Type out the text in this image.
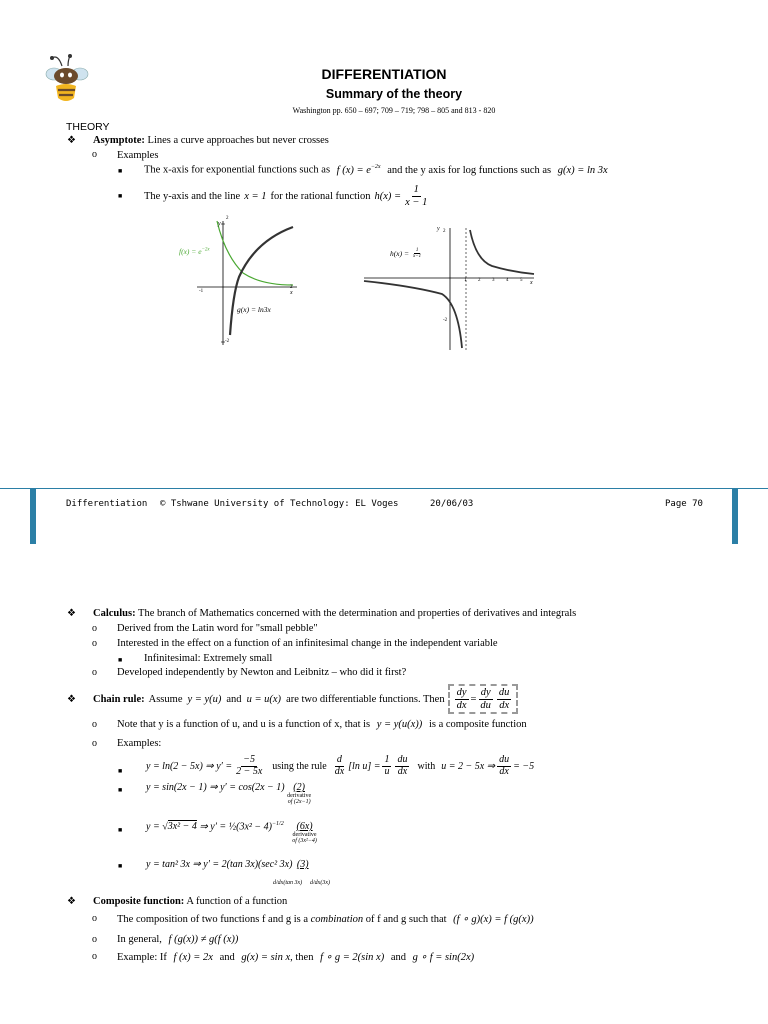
DIFFERENTIATION
Summary of the theory
Washington pp. 650 – 697; 709 – 719; 798 – 805 and 813 - 820
THEORY
❖ Asymptote: Lines a curve approaches but never crosses
o Examples
■ The x-axis for exponential functions such as f $(x) = e^{-2x}$ and the y axis for log functions such as g(x) = ln 3x
■ The y-axis and the line x = 1 for the rational function $h(x) = \frac{1}{x - 1}$
$f(x) = e^{-2x}$
g(x) = ln3x
y
x
2
-2
-1
2
$h(x) = \frac{1}{x-1}$
y
x
2
-2
1 2 3 4 5
Differentiation © Tshwane University of Technology: EL Voges	20/06/03	Page 70
❖ Calculus: The branch of Mathematics concerned with the determination and properties of derivatives and integrals
o Derived from the Latin word for "small pebble"
o Interested in the effect on a function of an infinitesimal change in the independent variable
■ Infinitesimal: Extremely small
o Developed independently by Newton and Leibnitz – who did it first?
❖ Chain rule: Assume y = y(u) and u = u(x) are two differentiable functions. Then $\frac{dy}{dx} = \frac{dy}{du} \frac{du}{dx}$
o Note that y is a function of u, and u is a function of x, that is y = y(u(x)) is a composite function
o Examples:
■ y = ln(2 − 5x) ⇒ $y' = \frac{-5}{2 - 5x}$ using the rule $\frac{d}{dx} [\ln$ $u] = \frac{1}{u} \frac{du}{dx}$ with u = 2 − 5x ⇒ $\frac{du}{dx} = -5$
■ y = sin(2x − 1) ⇒ y′ = cos(2x − 1) (2)
derivative
of (2x−1)
■ y = √3x² − 4 ⇒ y′ = ½(3x² − 4)$^{-1/2}$	(6x)
derivative
of (3x²−4)
■ y = tan² 3x ⇒ y′ = 2(tan 3x)(sec² 3x) (3)
d/dx(tan 3x) d/dx(3x)
❖ Composite function: A function of a function
o The composition of two functions f and g is a combination of f and g such that (f ∘ g)(x) = f (g(x))
o In general, f (g(x)) ≠ g(f (x))
o Example: If f (x) = 2x and g(x) = sin x, then f ∘ g = 2(sin x) and g ∘ f = sin(2x)
